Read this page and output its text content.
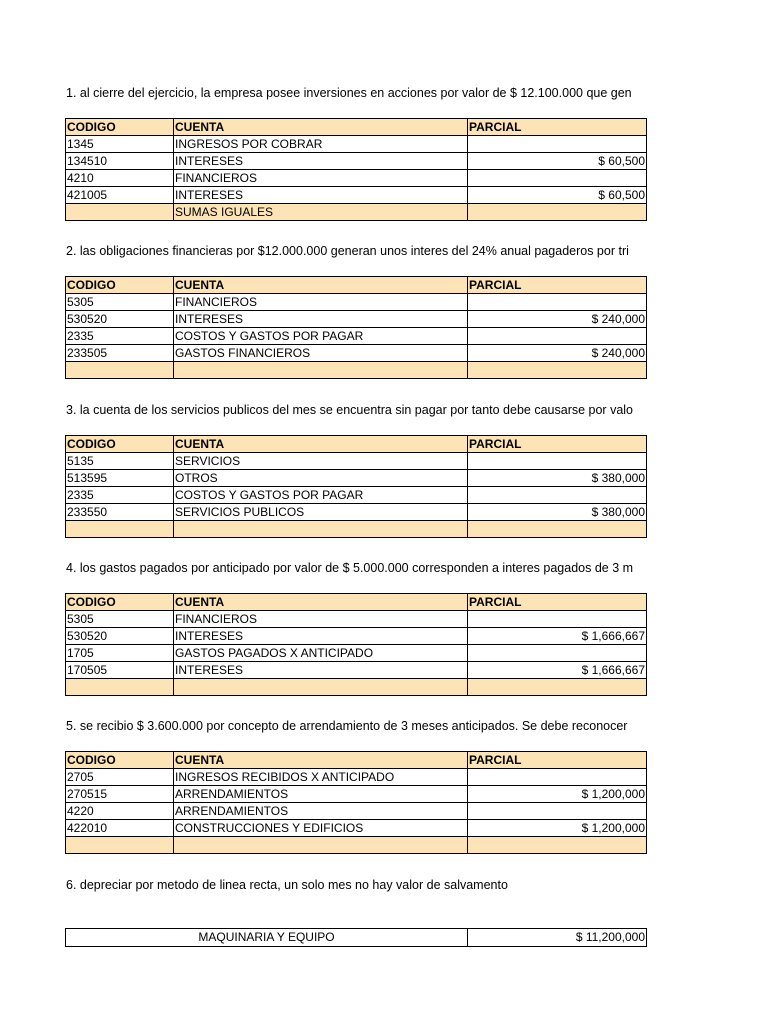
1. al cierre del ejercicio, la empresa posee inversiones en acciones por valor de $ 12.100.000 que gen
CODIGO	CUENTA	PARCIAL
1345	INGRESOS POR COBRAR	
134510	INTERESES	$ 60,500
4210	FINANCIEROS	
421005	INTERESES	$ 60,500
	SUMAS IGUALES	
2. las obligaciones financieras por $12.000.000 generan unos interes del 24% anual pagaderos por tri
CODIGO	CUENTA	PARCIAL
5305	FINANCIEROS	
530520	INTERESES	$ 240,000
2335	COSTOS Y GASTOS POR PAGAR	
233505	GASTOS FINANCIEROS	$ 240,000

3. la cuenta de los servicios publicos del mes se encuentra sin pagar por tanto debe causarse por valo
CODIGO	CUENTA	PARCIAL
5135	SERVICIOS	
513595	OTROS	$ 380,000
2335	COSTOS Y GASTOS POR PAGAR	
233550	SERVICIOS PUBLICOS	$ 380,000

4. los gastos pagados por anticipado por valor de $ 5.000.000 corresponden a interes pagados de 3 m
CODIGO	CUENTA	PARCIAL
5305	FINANCIEROS	
530520	INTERESES	$ 1,666,667
1705	GASTOS PAGADOS X ANTICIPADO	
170505	INTERESES	$ 1,666,667

5. se recibio $ 3.600.000 por concepto de arrendamiento de 3 meses anticipados. Se debe reconocer
CODIGO	CUENTA	PARCIAL
2705	INGRESOS RECIBIDOS X ANTICIPADO	
270515	ARRENDAMIENTOS	$ 1,200,000
4220	ARRENDAMIENTOS	
422010	CONSTRUCCIONES Y EDIFICIOS	$ 1,200,000

6. depreciar por metodo de linea recta, un solo mes no hay valor de salvamento
MAQUINARIA Y EQUIPO	$ 11,200,000
